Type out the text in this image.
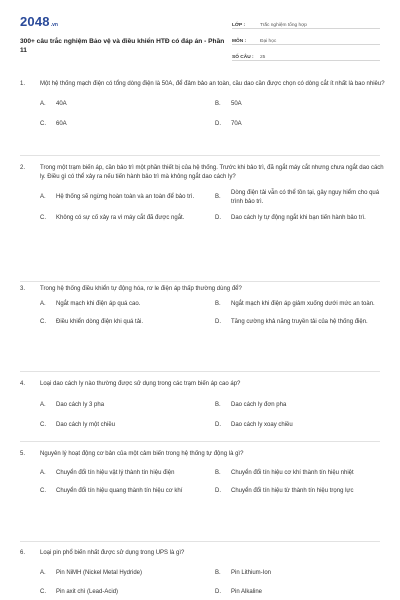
2048 .vn
300+ câu trắc nghiệm Bảo vệ và điều khiển HTĐ có đáp án - Phần 11
LỚP :	Trắc nghiệm tổng hợp
MÔN :	Đại học
SỐ CÂU :	25
1.	Một hệ thống mạch điện có tổng dòng điện là 50A, để đảm bảo an toàn, cầu dao cần được chọn có dòng cắt ít nhất là bao nhiêu?
A.	40A	B.	50A
C.	60A	D.	70A
2.	Trong một trạm biến áp, cần bảo trì một phần thiết bị của hệ thống. Trước khi bảo trì, đã ngắt máy cắt nhưng chưa ngắt dao cách ly. Điều gì có thể xảy ra nếu tiến hành bảo trì mà không ngắt dao cách ly?
A.	Hệ thống sẽ ngừng hoàn toàn và an toàn để bảo trì.	B.
Dòng điện tải vẫn có thể tồn tại, gây nguy hiểm cho quá trình bảo trì.
C.	Không có sự cố xảy ra vì máy cắt đã được ngắt.	D.	Dao cách ly tự động ngắt khi bạn tiến hành bảo trì.
3.	Trong hệ thống điều khiển tự động hóa, rơ le điện áp thấp thường dùng để?
A.	Ngắt mạch khi điện áp quá cao.	B.	Ngắt mạch khi điện áp giảm xuống dưới mức an toàn.
C.	Điều khiển dòng điện khi quá tải.	D.	Tăng cường khả năng truyền tải của hệ thống điện.
4.	Loại dao cách ly nào thường được sử dụng trong các trạm biến áp cao áp?
A.	Dao cách ly 3 pha	B.	Dao cách ly đơn pha
C.	Dao cách ly một chiều	D.	Dao cách ly xoay chiều
5.	Nguyên lý hoạt động cơ bản của một cảm biến trong hệ thống tự động là gì?
A.	Chuyển đổi tín hiệu vật lý thành tín hiệu điện	B.	Chuyển đổi tín hiệu cơ khí thành tín hiệu nhiệt
C.	Chuyển đổi tín hiệu quang thành tín hiệu cơ khí	D.	Chuyển đổi tín hiệu từ thành tín hiệu trọng lực
6.	Loại pin phổ biến nhất được sử dụng trong UPS là gì?
A.	Pin NiMH (Nickel Metal Hydride)	B.	Pin Lithium-Ion
C.	Pin axit chì (Lead-Acid)	D.	Pin Alkaline
